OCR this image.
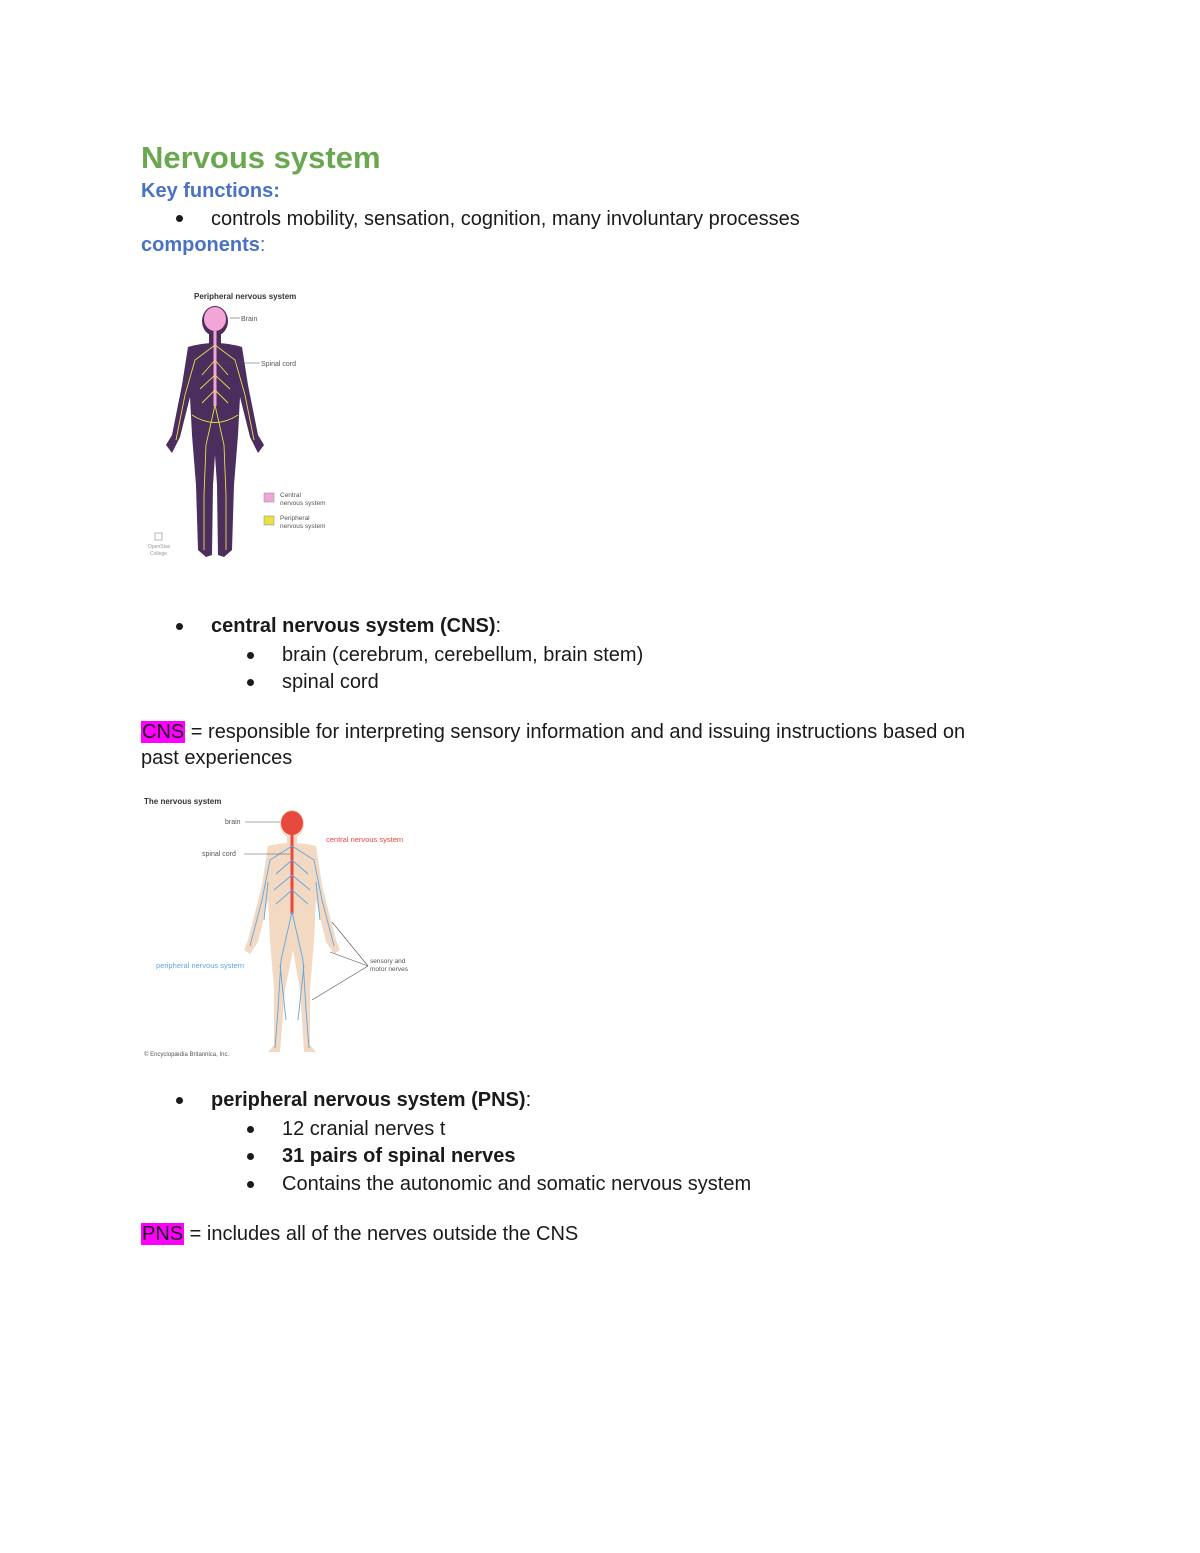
Nervous system
Key functions:
controls mobility, sensation, cognition, many involuntary processes
components:
Peripheral nervous system
Brain
Spinal cord
Central
nervous system
Peripheral
nervous system
OpenStax
College
central nervous system (CNS):
brain (cerebrum, cerebellum, brain stem)
spinal cord
CNS = responsible for interpreting sensory information and and issuing instructions based on
past experiences
The nervous system
brain
spinal cord
central nervous system
peripheral nervous system	sensory and
motor nerves
© Encyclopædia Britannica, Inc.
peripheral nervous system (PNS):
12 cranial nerves t
31 pairs of spinal nerves
Contains the autonomic and somatic nervous system
PNS = includes all of the nerves outside the CNS
